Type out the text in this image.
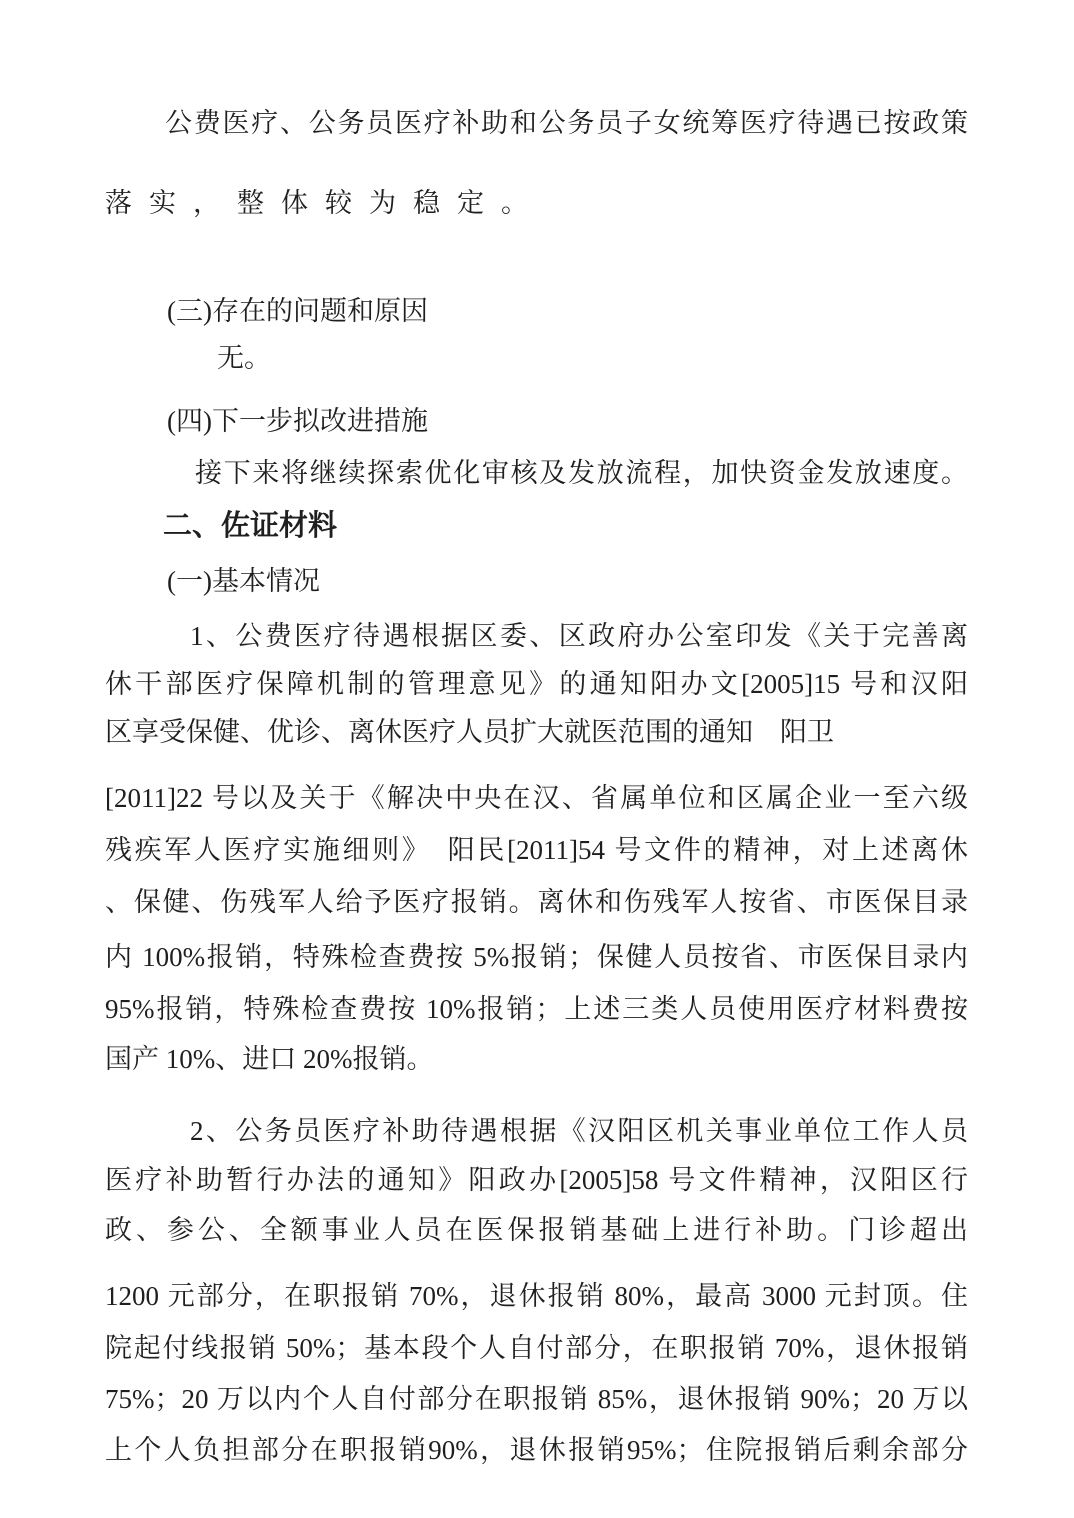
公费医疗、公务员医疗补助和公务员子女统筹医疗待遇已按政策
落实，整体较为稳定。
(三)存在的问题和原因
无。
(四)下一步拟改进措施
接下来将继续探索优化审核及发放流程，加快资金发放速度。
二、佐证材料
(一)基本情况
1、公费医疗待遇根据区委、区政府办公室印发《关于完善离
休干部医疗保障机制的管理意见》的通知阳办文[2005]15 号和汉阳
区享受保健、优诊、离休医疗人员扩大就医范围的通知　阳卫
[2011]22 号以及关于《解决中央在汉、省属单位和区属企业一至六级
残疾军人医疗实施细则》　阳民[2011]54 号文件的精神，对上述离休
、保健、伤残军人给予医疗报销。离休和伤残军人按省、市医保目录
内 100%报销，特殊检查费按 5%报销；保健人员按省、市医保目录内
95%报销，特殊检查费按 10%报销；上述三类人员使用医疗材料费按
国产 10%、进口 20%报销。
2、公务员医疗补助待遇根据《汉阳区机关事业单位工作人员
医疗补助暂行办法的通知》阳政办[2005]58 号文件精神，汉阳区行
政、参公、全额事业人员在医保报销基础上进行补助。门诊超出
1200 元部分，在职报销 70%，退休报销 80%，最高 3000 元封顶。住
院起付线报销 50%；基本段个人自付部分，在职报销 70%，退休报销
75%；20 万以内个人自付部分在职报销 85%，退休报销 90%；20 万以
上个人负担部分在职报销90%，退休报销95%；住院报销后剩余部分
